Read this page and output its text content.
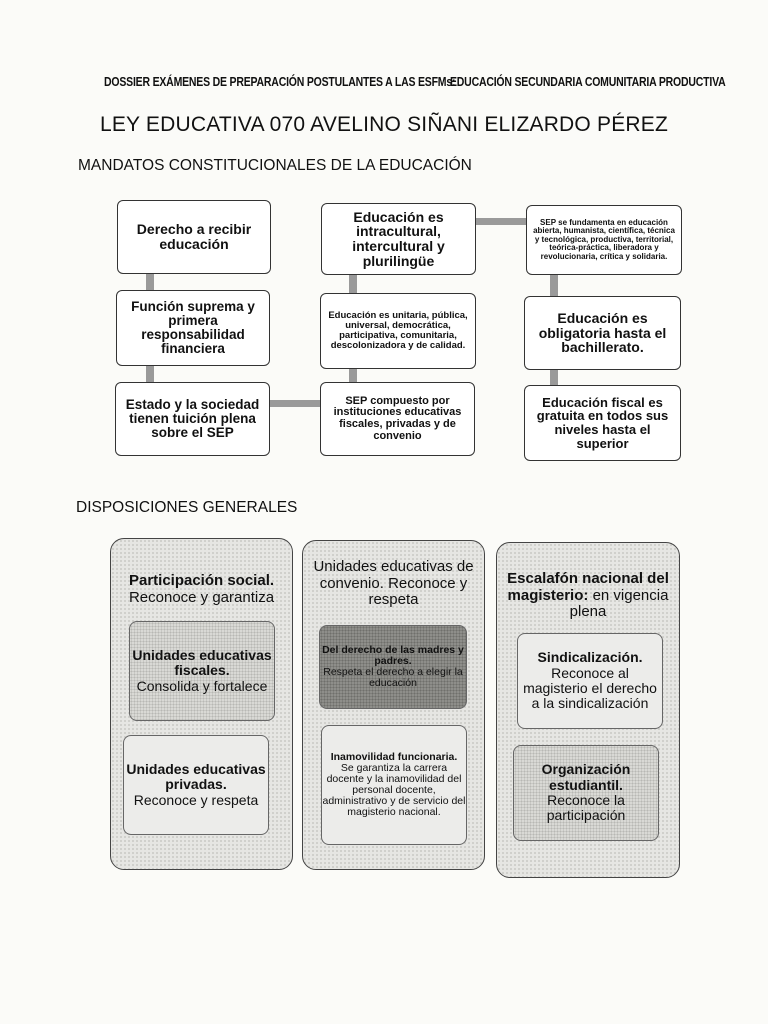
DOSSIER EXÁMENES DE PREPARACIÓN POSTULANTES A LAS ESFMs:
EDUCACIÓN SECUNDARIA COMUNITARIA PRODUCTIVA
LEY EDUCATIVA 070 AVELINO SIÑANI ELIZARDO PÉREZ
MANDATOS CONSTITUCIONALES DE LA EDUCACIÓN
Derecho a recibir educación
Función suprema y primera responsabilidad financiera
Estado y la sociedad tienen tuición plena sobre el SEP
Educación es intracultural, intercultural y plurilingüe
Educación es unitaria, pública, universal, democrática, participativa, comunitaria, descolonizadora y de calidad.
SEP compuesto por instituciones educativas fiscales, privadas y de convenio
SEP se fundamenta en educación abierta, humanista, científica, técnica y tecnológica, productiva, territorial, teórica-práctica, liberadora y revolucionaria, crítica y solidaria.
Educación es obligatoria hasta el bachillerato.
Educación fiscal es gratuita en todos sus niveles hasta el superior
DISPOSICIONES GENERALES
Participación social. Reconoce y garantiza
Unidades educativas fiscales.
Consolida y fortalece
Unidades educativas privadas.
Reconoce y respeta
Unidades educativas de convenio. Reconoce y respeta
Del derecho de las madres y padres.
Respeta el derecho a elegir la educación
Inamovilidad funcionaria.
Se garantiza la carrera docente y la inamovilidad del personal docente, administrativo y de servicio del magisterio nacional.
Escalafón nacional del magisterio: en vigencia plena
Sindicalización.
Reconoce al magisterio el derecho a la sindicalización
Organización estudiantil.
Reconoce la participación
